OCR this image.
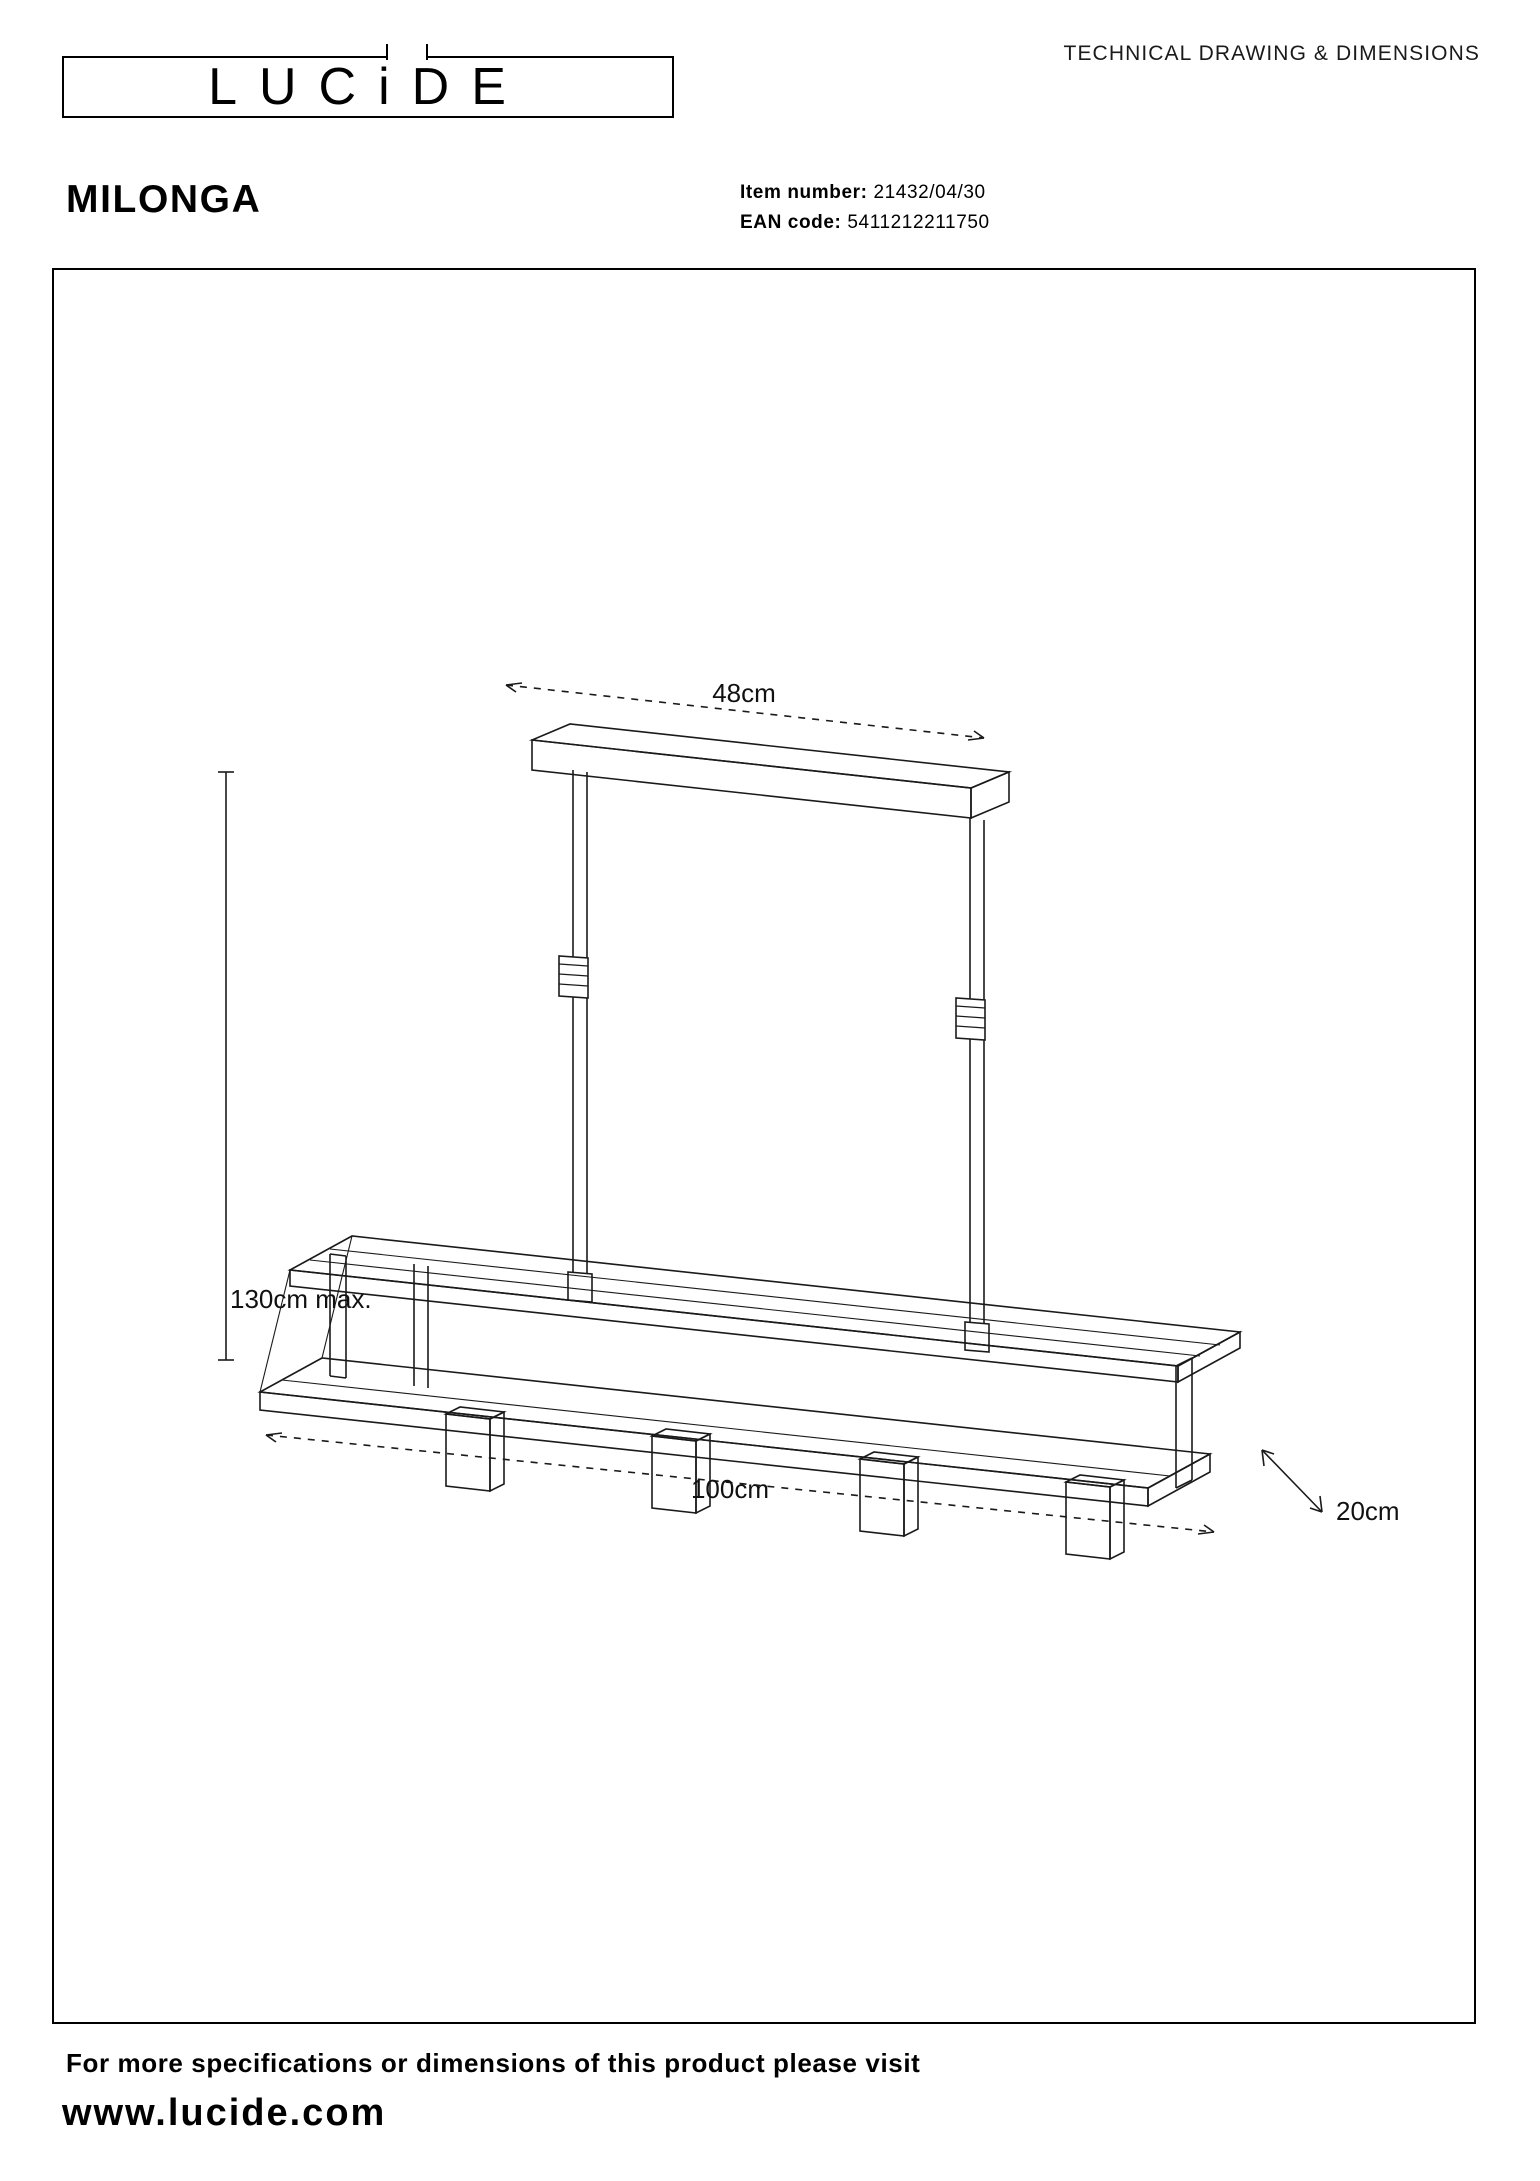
LUCiDE
TECHNICAL DRAWING & DIMENSIONS
MILONGA	Item number: 21432/04/30
EAN code: 5411212211750
48cm
130cm max.
100cm
20cm
For more specifications or dimensions of this product please visit
www.lucide.com
